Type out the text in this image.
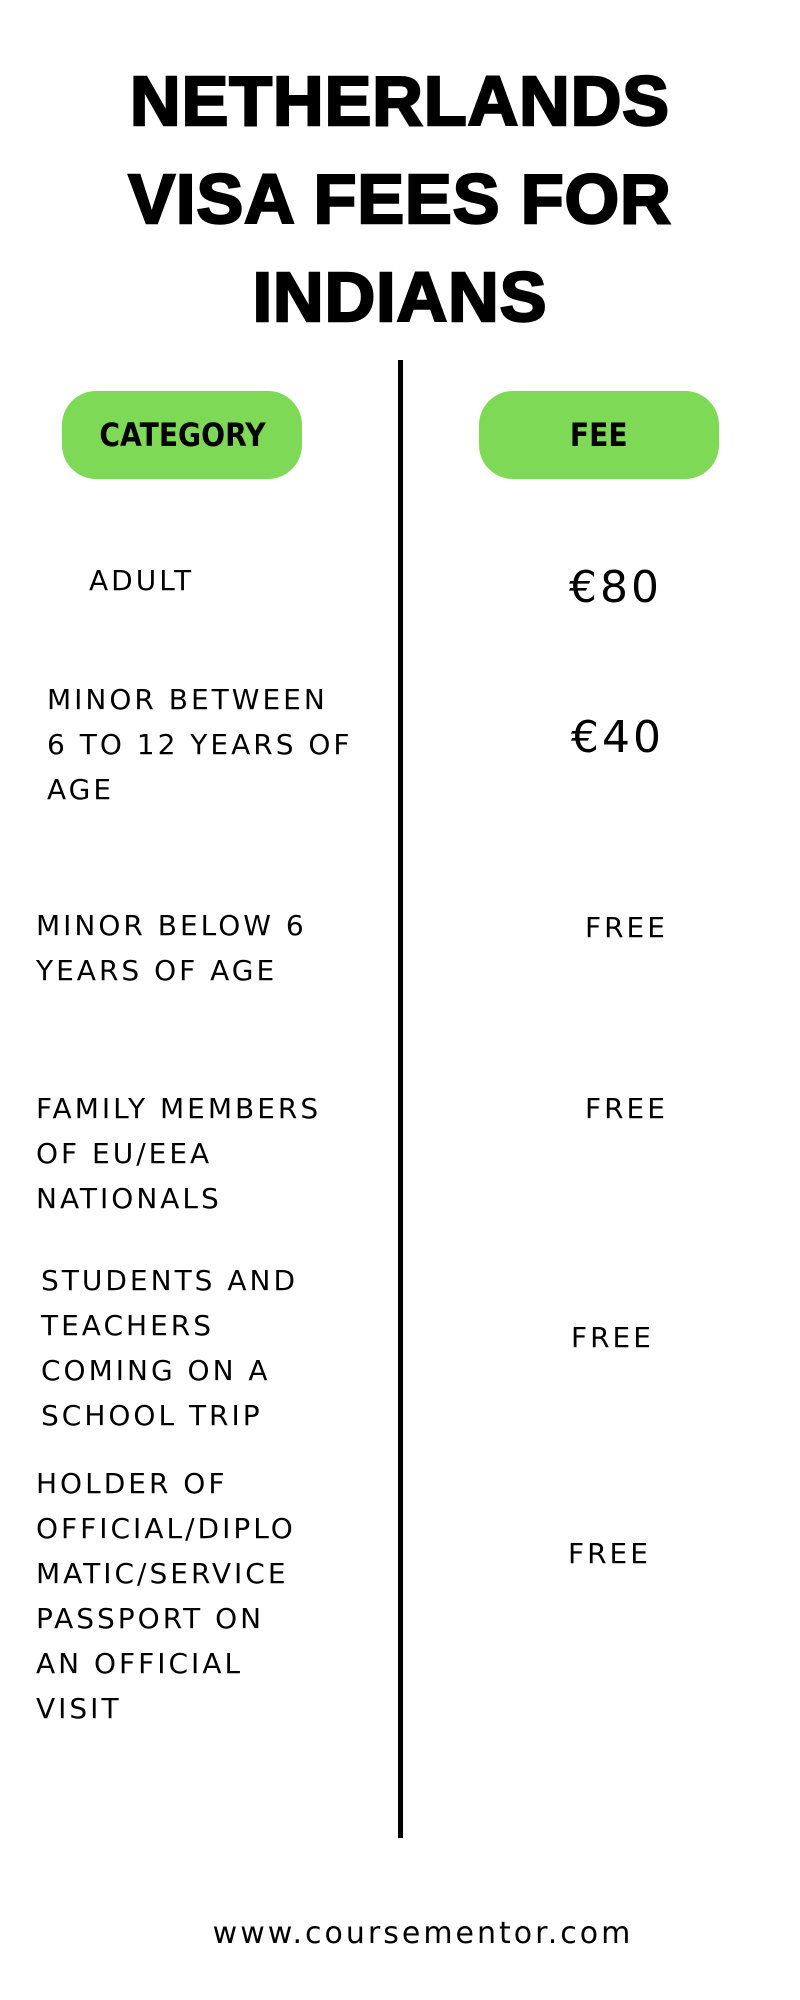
NETHERLANDS
VISA FEES FOR
INDIANS
CATEGORY	FEE
ADULT	€80
MINOR BETWEEN
6 TO 12 YEARS OF
AGE
€40
MINOR BELOW 6
YEARS OF AGE
FREE
FAMILY MEMBERS
OF EU/EEA
NATIONALS
FREE
STUDENTS AND
TEACHERS
COMING ON A
SCHOOL TRIP
FREE
HOLDER OF
OFFICIAL/DIPLO
MATIC/SERVICE
PASSPORT ON
AN OFFICIAL
VISIT
FREE
www.coursementor.com
